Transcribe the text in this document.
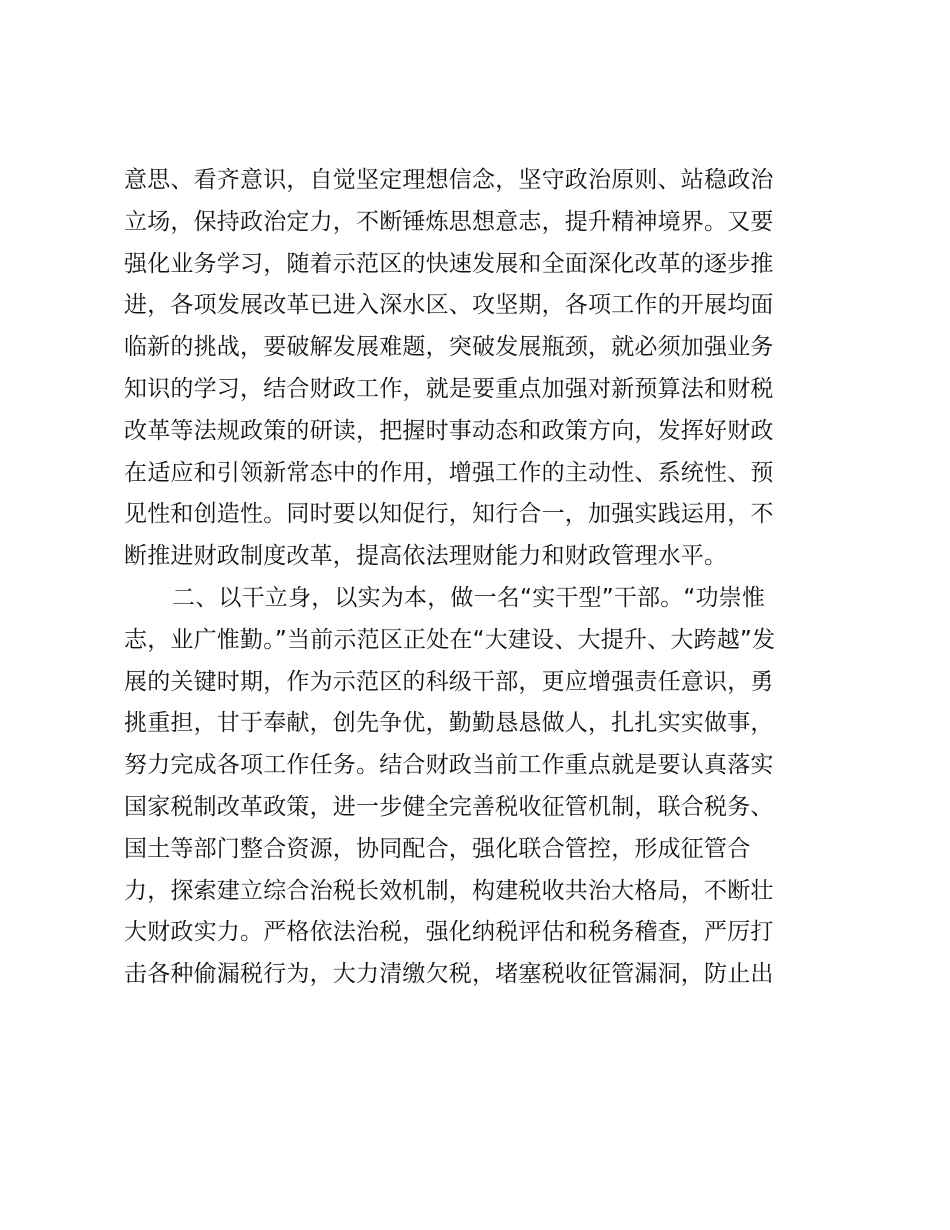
意思、看齐意识，自觉坚定理想信念，坚守政治原则、站稳政治
立场，保持政治定力，不断锤炼思想意志，提升精神境界。又要
强化业务学习，随着示范区的快速发展和全面深化改革的逐步推
进，各项发展改革已进入深水区、攻坚期，各项工作的开展均面
临新的挑战，要破解发展难题，突破发展瓶颈，就必须加强业务
知识的学习，结合财政工作，就是要重点加强对新预算法和财税
改革等法规政策的研读，把握时事动态和政策方向，发挥好财政
在适应和引领新常态中的作用，增强工作的主动性、系统性、预
见性和创造性。同时要以知促行，知行合一，加强实践运用，不
断推进财政制度改革，提高依法理财能力和财政管理水平。
二、以干立身，以实为本，做一名“实干型”干部。“功崇惟
志，业广惟勤。”当前示范区正处在“大建设、大提升、大跨越”发
展的关键时期，作为示范区的科级干部，更应增强责任意识，勇
挑重担，甘于奉献，创先争优，勤勤恳恳做人，扎扎实实做事，
努力完成各项工作任务。结合财政当前工作重点就是要认真落实
国家税制改革政策，进一步健全完善税收征管机制，联合税务、
国土等部门整合资源，协同配合，强化联合管控，形成征管合
力，探索建立综合治税长效机制，构建税收共治大格局，不断壮
大财政实力。严格依法治税，强化纳税评估和税务稽查，严厉打
击各种偷漏税行为，大力清缴欠税，堵塞税收征管漏洞，防止出
